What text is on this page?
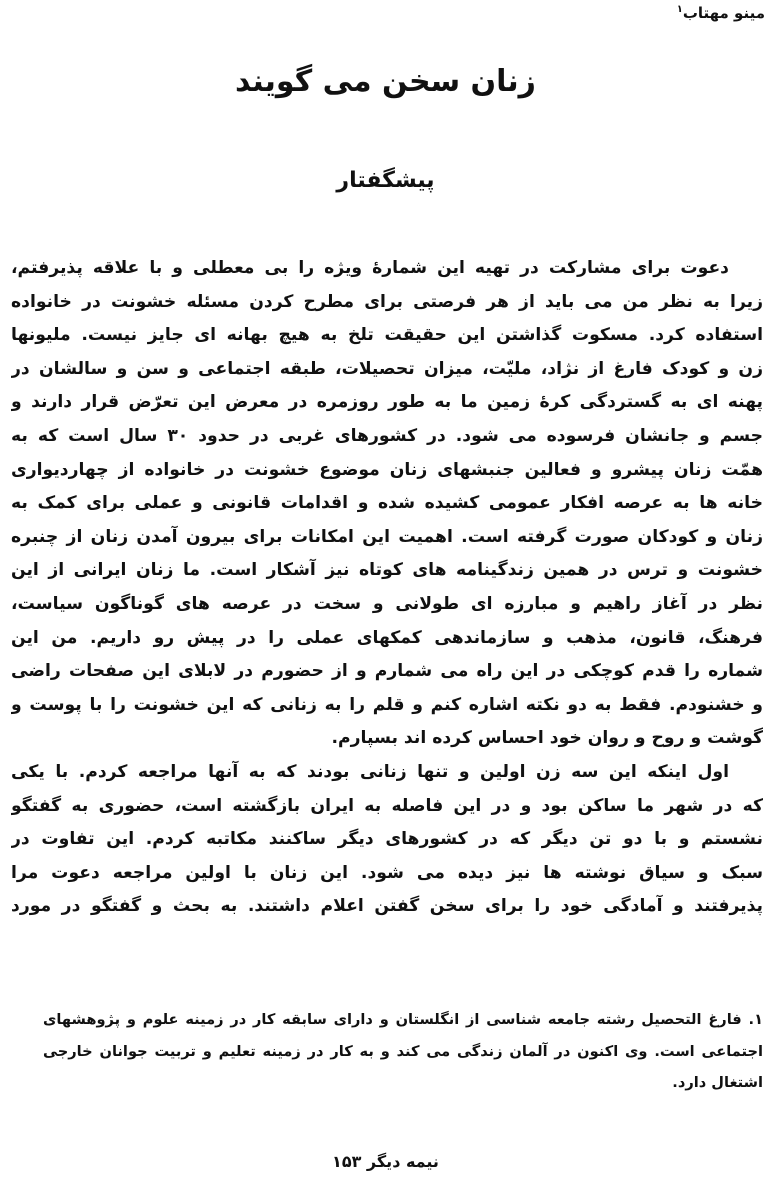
مینو مهتاب$^۱$
زنان سخن می گویند
پیشگفتار
دعوت برای مشارکت در تهیه این شمارهٔ ویژه را بی معطلی و با علاقه پذیرفتم،
زیرا به نظر من می باید از هر فرصتی برای مطرح کردن مسئله خشونت در خانواده
استفاده کرد. مسکوت گذاشتن این حقیقت تلخ به هیچ بهانه ای جایز نیست. ملیونها
زن و کودک فارغ از نژاد، ملیّت، میزان تحصیلات، طبقه اجتماعی و سن و سالشان در
پهنه ای به گستردگی کرهٔ زمین ما به طور روزمره در معرض این تعرّض قرار دارند و
جسم و جانشان فرسوده می شود. در کشورهای غربی در حدود ۳۰ سال است که به
همّت زنان پیشرو و فعالین جنبشهای زنان موضوع خشونت در خانواده از چهاردیواری
خانه ها به عرصه افکار عمومی کشیده شده و اقدامات قانونی و عملی برای کمک به
زنان و کودکان صورت گرفته است. اهمیت این امکانات برای بیرون آمدن زنان از چنبره
خشونت و ترس در همین زندگینامه های کوتاه نیز آشکار است. ما زنان ایرانی از این
نظر در آغاز راهیم و مبارزه ای طولانی و سخت در عرصه های گوناگون سیاست،
فرهنگ، قانون، مذهب و سازماندهی کمکهای عملی را در پیش رو داریم. من این
شماره را قدم کوچکی در این راه می شمارم و از حضورم در لابلای این صفحات راضی
و خشنودم. فقط به دو نکته اشاره کنم و قلم را به زنانی که این خشونت را با پوست و
گوشت و روح و روان خود احساس کرده اند بسپارم.
اول اینکه این سه زن اولین و تنها زنانی بودند که به آنها مراجعه کردم. با یکی
که در شهر ما ساکن بود و در این فاصله به ایران بازگشته است، حضوری به گفتگو
نشستم و با دو تن دیگر که در کشورهای دیگر ساکنند مکاتبه کردم. این تفاوت در
سبک و سیاق نوشته ها نیز دیده می شود. این زنان با اولین مراجعه دعوت مرا
پذیرفتند و آمادگی خود را برای سخن گفتن اعلام داشتند. به بحث و گفتگو در مورد
۱. فارغ التحصیل رشته جامعه شناسی از انگلستان و دارای سابقه کار در زمینه علوم و پژوهشهای
اجتماعی است. وی اکنون در آلمان زندگی می کند و به کار در زمینه تعلیم و تربیت جوانان خارجی
اشتغال دارد.
نیمه دیگر ۱۵۳
